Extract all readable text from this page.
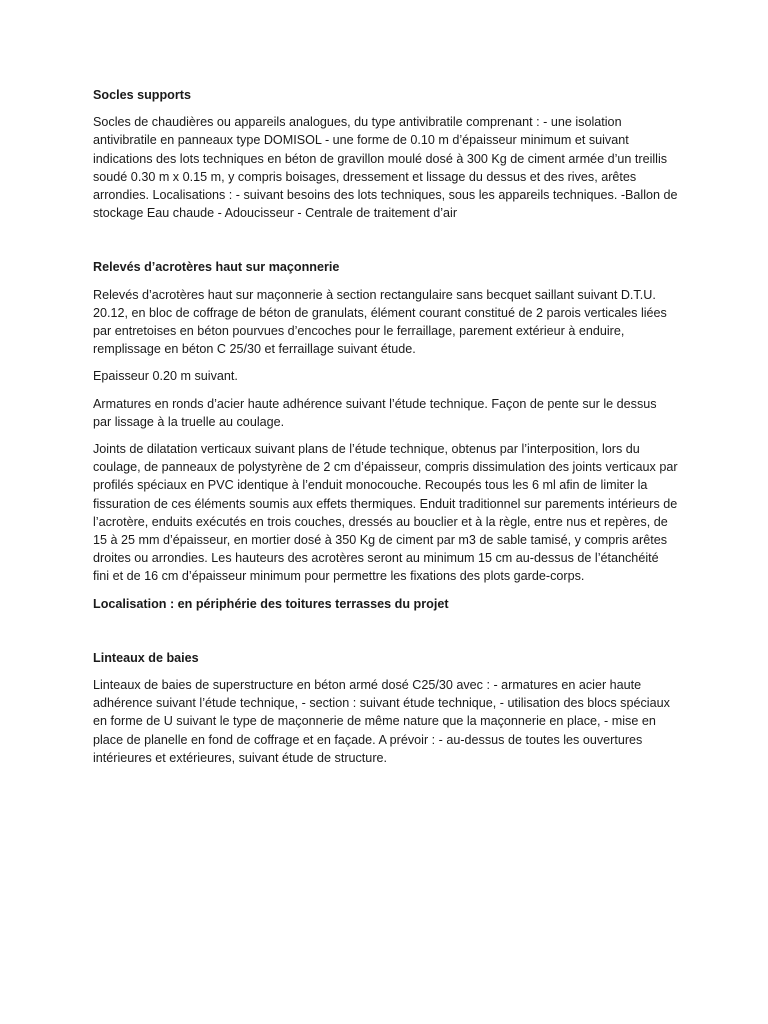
Socles supports

Socles de chaudières ou appareils analogues, du type antivibratile comprenant : - une isolation antivibratile en panneaux type DOMISOL - une forme de 0.10 m d’épaisseur minimum et suivant indications des lots techniques en béton de gravillon moulé dosé à 300 Kg de ciment armée d’un treillis soudé 0.30 m x 0.15 m, y compris boisages, dressement et lissage du dessus et des rives, arêtes arrondies. Localisations : - suivant besoins des lots techniques, sous les appareils techniques. -Ballon de stockage Eau chaude - Adoucisseur - Centrale de traitement d’air

Relevés d’acrotères haut sur maçonnerie

Relevés d’acrotères haut sur maçonnerie à section rectangulaire sans becquet saillant suivant D.T.U. 20.12, en bloc de coffrage de béton de granulats, élément courant constitué de 2 parois verticales liées par entretoises en béton pourvues d’encoches pour le ferraillage, parement extérieur à enduire, remplissage en béton C 25/30 et ferraillage suivant étude.

Epaisseur 0.20 m suivant.

Armatures en ronds d’acier haute adhérence suivant l’étude technique. Façon de pente sur le dessus par lissage à la truelle au coulage.

Joints de dilatation verticaux suivant plans de l’étude technique, obtenus par l’interposition, lors du coulage, de panneaux de polystyrène de 2 cm d’épaisseur, compris dissimulation des joints verticaux par profilés spéciaux en PVC identique à l’enduit monocouche. Recoupés tous les 6 ml afin de limiter la fissuration de ces éléments soumis aux effets thermiques. Enduit traditionnel sur parements intérieurs de l’acrotère, enduits exécutés en trois couches, dressés au bouclier et à la règle, entre nus et repères, de 15 à 25 mm d’épaisseur, en mortier dosé à 350 Kg de ciment par m3 de sable tamisé, y compris arêtes droites ou arrondies. Les hauteurs des acrotères seront au minimum 15 cm au-dessus de l’étanchéité fini et de 16 cm d’épaisseur minimum pour permettre les fixations des plots garde-corps.

Localisation : en périphérie des toitures terrasses du projet

Linteaux de baies

Linteaux de baies de superstructure en béton armé dosé C25/30 avec : - armatures en acier haute adhérence suivant l’étude technique, - section : suivant étude technique, - utilisation des blocs spéciaux en forme de U suivant le type de maçonnerie de même nature que la maçonnerie en place, - mise en place de planelle en fond de coffrage et en façade. A prévoir : - au-dessus de toutes les ouvertures intérieures et extérieures, suivant étude de structure.
